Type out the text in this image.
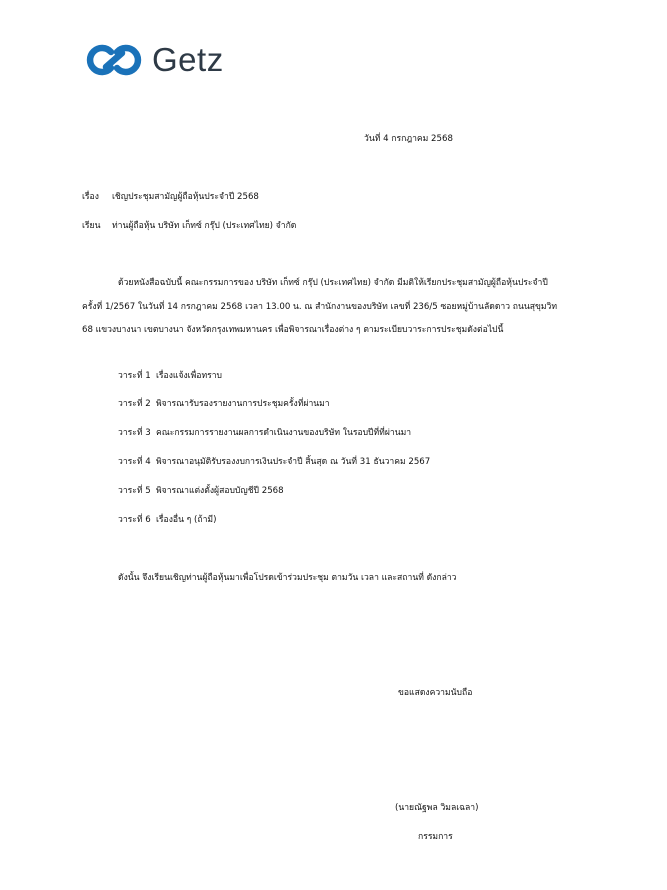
Getz
วันที่ 4 กรกฎาคม 2568
เรื่อง เชิญประชุมสามัญผู้ถือหุ้นประจำปี 2568
เรียน ท่านผู้ถือหุ้น บริษัท เก็ทซ์ กรุ๊ป (ประเทศไทย) จำกัด
ด้วยหนังสือฉบับนี้ คณะกรรมการของ บริษัท เก็ทซ์ กรุ๊ป (ประเทศไทย) จำกัด มีมติให้เรียกประชุมสามัญผู้ถือหุ้นประจำปี
ครั้งที่ 1/2567 ในวันที่ 14 กรกฎาคม 2568 เวลา 13.00 น. ณ สำนักงานของบริษัท เลขที่ 236/5 ซอยหมู่บ้านลัดดาว ถนนสุขุมวิท
68 แขวงบางนา เขตบางนา จังหวัดกรุงเทพมหานคร เพื่อพิจารณาเรื่องต่าง ๆ ตามระเบียบวาระการประชุมดังต่อไปนี้
วาระที่ 1 เรื่องแจ้งเพื่อทราบ
วาระที่ 2 พิจารณารับรองรายงานการประชุมครั้งที่ผ่านมา
วาระที่ 3 คณะกรรมการรายงานผลการดำเนินงานของบริษัท ในรอบปีที่ที่ผ่านมา
วาระที่ 4 พิจารณาอนุมัติรับรองงบการเงินประจำปี สิ้นสุด ณ วันที่ 31 ธันวาคม 2567
วาระที่ 5 พิจารณาแต่งตั้งผู้สอบบัญชีปี 2568
วาระที่ 6 เรื่องอื่น ๆ (ถ้ามี)
ดังนั้น จึงเรียนเชิญท่านผู้ถือหุ้นมาเพื่อโปรดเข้าร่วมประชุม ตามวัน เวลา และสถานที่ ดังกล่าว
ขอแสดงความนับถือ
(นายณัฐพล วิมลเฉลา)
กรรมการ
